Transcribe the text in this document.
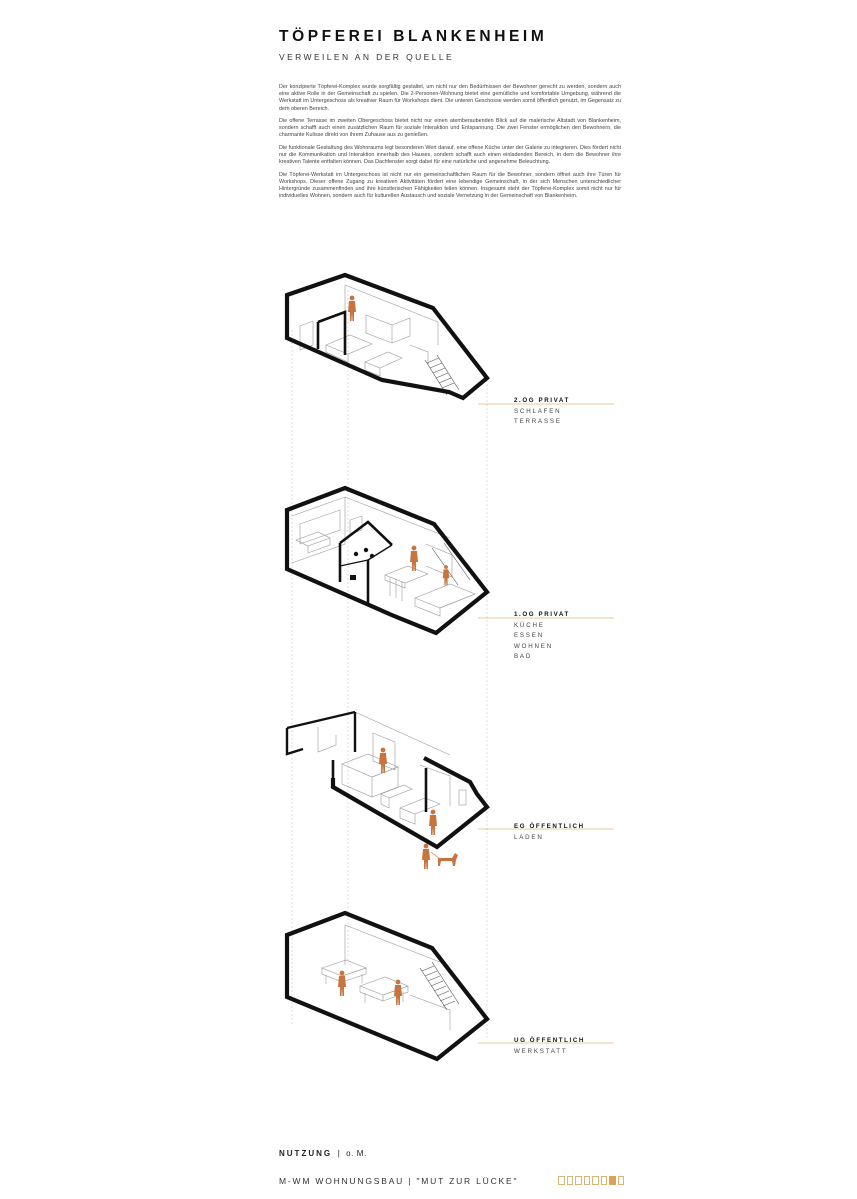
TÖPFEREI BLANKENHEIM
VERWEILEN AN DER QUELLE

Der konzipierte Töpferei-Komplex wurde sorgfältig gestaltet, um nicht nur den Bedürfnissen der Bewohner gerecht zu werden, sondern auch eine aktive Rolle in der Gemeinschaft zu spielen. Die 2-Personen-Wohnung bietet eine gemütliche und komfortable Umgebung, während die Werkstatt im Untergeschoss als kreativer Raum für Workshops dient. Die unteren Geschosse werden somit öffentlich genutzt, im Gegensatz zu dem oberen Bereich.

Die offene Terrasse im zweiten Obergeschoss bietet nicht nur einen atemberaubenden Blick auf die malerische Altstadt von Blankenheim, sondern schafft auch einen zusätzlichen Raum für soziale Interaktion und Entspannung. Die zwei Fenster ermöglichen den Bewohnern, die charmante Kulisse direkt von ihrem Zuhause aus zu genießen.

Die funktionale Gestaltung des Wohnraums legt besonderen Wert darauf, eine offene Küche unter der Galerie zu integrieren. Dies fördert nicht nur die Kommunikation und Interaktion innerhalb des Hauses, sondern schafft auch einen einladenden Bereich, in dem die Bewohner ihre kreativen Talente entfalten können. Das Dachfenster sorgt dabei für eine natürliche und angenehme Beleuchtung.

Die Töpferei-Werkstatt im Untergeschoss ist nicht nur ein gemeinschaftlichen Raum für die Bewohner, sondern öffnet auch ihre Türen für Workshops. Dieser offene Zugang zu kreativen Aktivitäten fördert eine lebendige Gemeinschaft, in der sich Menschen unterschiedlicher Hintergründe zusammenfinden und ihre künstlerischen Fähigkeiten teilen können. Insgesamt steht der Töpferei-Komplex somit nicht nur für individuelles Wohnen, sondern auch für kulturellen Austausch und soziale Vernetzung in der Gemeinschaft von Blankenheim.

2.OG PRIVAT
SCHLAFEN
TERRASSE
1.OG PRIVAT
KÜCHE
ESSEN
WOHNEN
BAD
EG ÖFFENTLICH
LADEN
UG ÖFFENTLICH
WERKSTATT
NUTZUNG | o. M.
M-WM WOHNUNGSBAU | "MUT ZUR LÜCKE"
